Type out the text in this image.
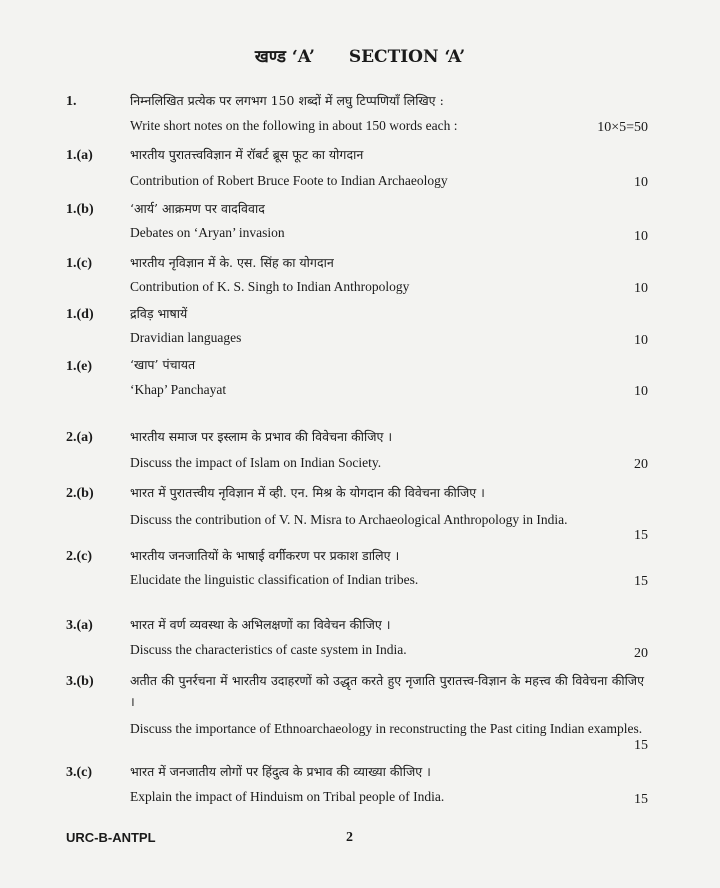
खण्ड ‘A’ SECTION ‘A’
1.	निम्नलिखित प्रत्येक पर लगभग 150 शब्दों में लघु टिप्पणियाँ लिखिए :
Write short notes on the following in about 150 words each :	10×5=50
1.(a)	भारतीय पुरातत्त्वविज्ञान में रॉबर्ट ब्रूस फूट का योगदान
Contribution of Robert Bruce Foote to Indian Archaeology	10
1.(b)	‘आर्य’ आक्रमण पर वादविवाद
Debates on ‘Aryan’ invasion	10
1.(c)	भारतीय नृविज्ञान में के. एस. सिंह का योगदान
Contribution of K. S. Singh to Indian Anthropology	10
1.(d)	द्रविड़ भाषायें
Dravidian languages	10
1.(e)	‘खाप’ पंचायत
‘Khap’ Panchayat	10
2.(a)	भारतीय समाज पर इस्लाम के प्रभाव की विवेचना कीजिए ।
Discuss the impact of Islam on Indian Society.	20
2.(b)	भारत में पुरातत्त्वीय नृविज्ञान में व्ही. एन. मिश्र के योगदान की विवेचना कीजिए ।
Discuss the contribution of V. N. Misra to Archaeological Anthropology in India.
15
2.(c)	भारतीय जनजातियों के भाषाई वर्गीकरण पर प्रकाश डालिए ।
Elucidate the linguistic classification of Indian tribes.	15
3.(a)	भारत में वर्ण व्यवस्था के अभिलक्षणों का विवेचन कीजिए ।
Discuss the characteristics of caste system in India.	20
3.(b)	अतीत की पुनर्रचना में भारतीय उदाहरणों को उद्धृत करते हुए नृजाति पुरातत्त्व-विज्ञान के महत्त्व की विवेचना कीजिए ।
Discuss the importance of Ethnoarchaeology in reconstructing the Past citing Indian examples.
15
3.(c)	भारत में जनजातीय लोगों पर हिंदुत्व के प्रभाव की व्याख्या कीजिए ।
Explain the impact of Hinduism on Tribal people of India.	15
URC-B-ANTPL	2
